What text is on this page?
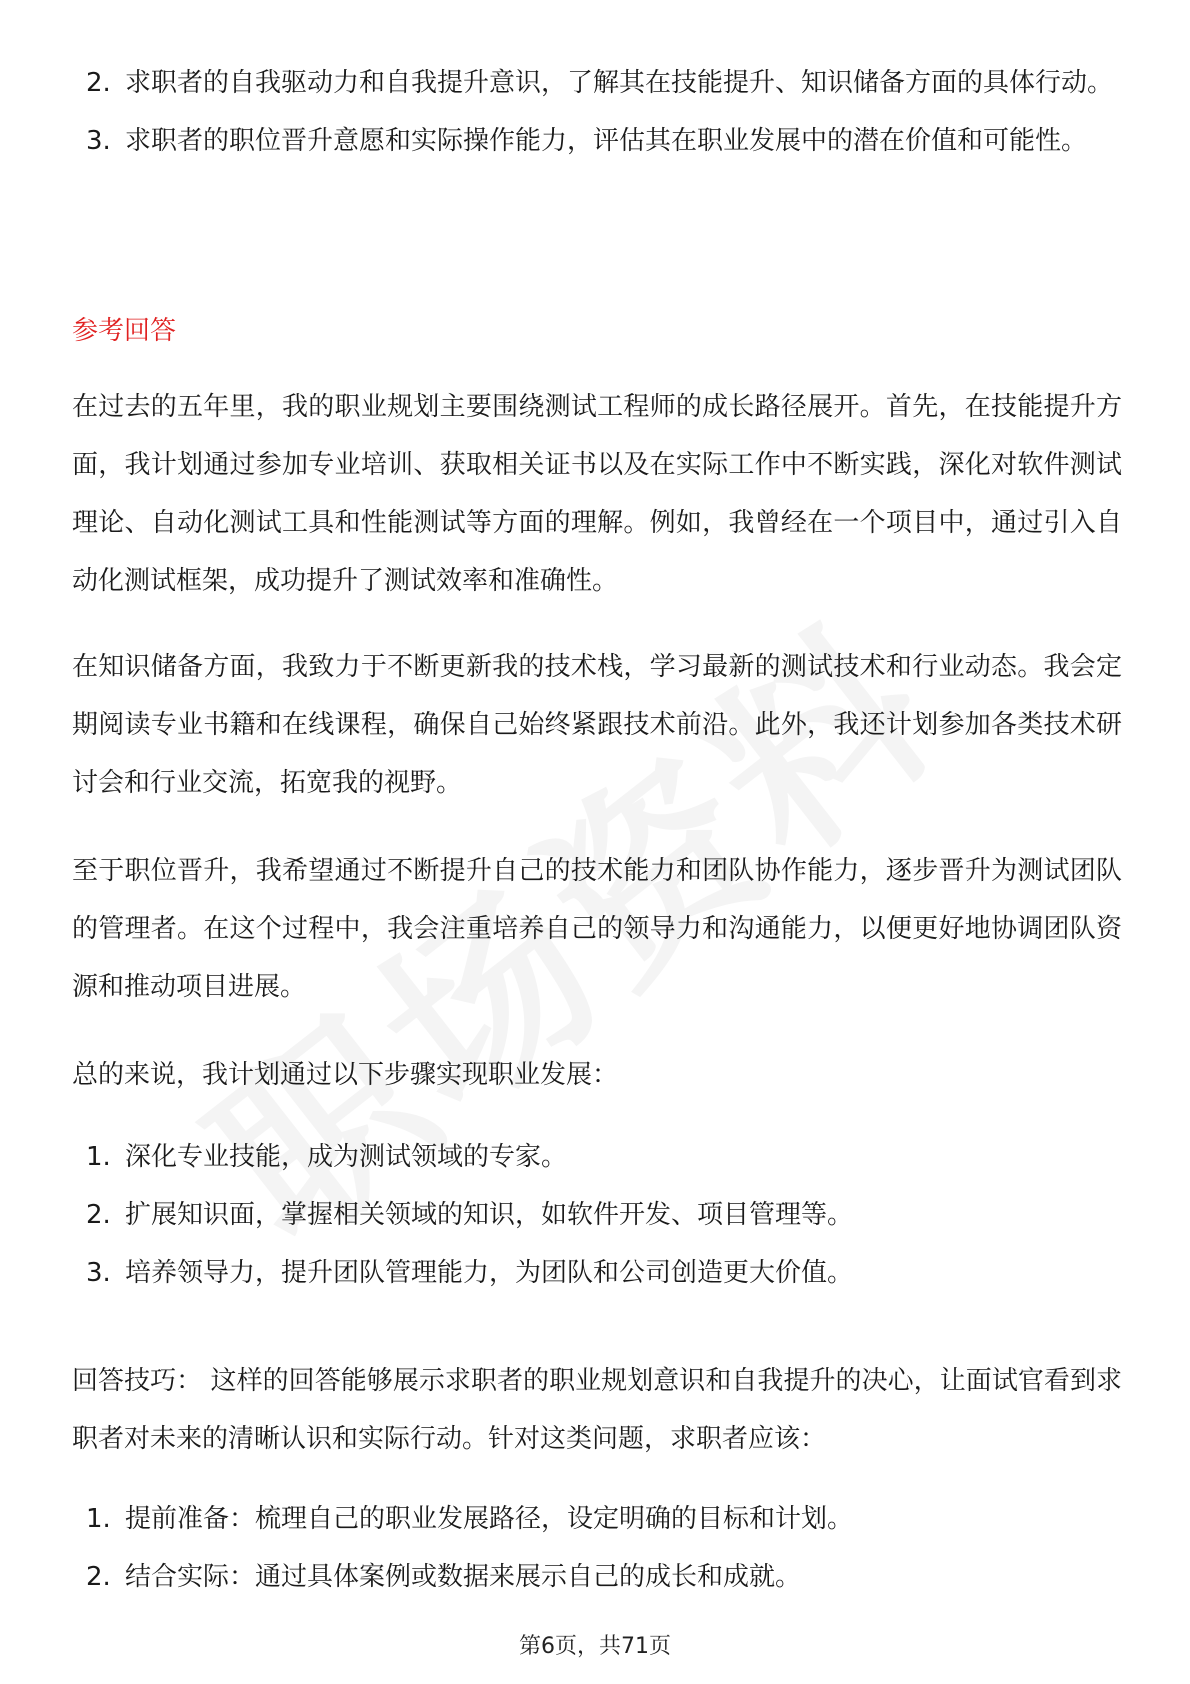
2. 求职者的自我驱动力和自我提升意识，了解其在技能提升、知识储备方面的具体行动。
3. 求职者的职位晋升意愿和实际操作能力，评估其在职业发展中的潜在价值和可能性。
参考回答

在过去的五年里，我的职业规划主要围绕测试工程师的成长路径展开。首先，在技能提升方面，我计划通过参加专业培训、获取相关证书以及在实际工作中不断实践，深化对软件测试理论、自动化测试工具和性能测试等方面的理解。例如，我曾经在一个项目中，通过引入自动化测试框架，成功提升了测试效率和准确性。

在知识储备方面，我致力于不断更新我的技术栈，学习最新的测试技术和行业动态。我会定期阅读专业书籍和在线课程，确保自己始终紧跟技术前沿。此外，我还计划参加各类技术研讨会和行业交流，拓宽我的视野。

至于职位晋升，我希望通过不断提升自己的技术能力和团队协作能力，逐步晋升为测试团队的管理者。在这个过程中，我会注重培养自己的领导力和沟通能力，以便更好地协调团队资源和推动项目进展。

总的来说，我计划通过以下步骤实现职业发展：

1. 深化专业技能，成为测试领域的专家。
2. 扩展知识面，掌握相关领域的知识，如软件开发、项目管理等。
3. 培养领导力，提升团队管理能力，为团队和公司创造更大价值。

回答技巧： 这样的回答能够展示求职者的职业规划意识和自我提升的决心，让面试官看到求职者对未来的清晰认识和实际行动。针对这类问题，求职者应该：

1. 提前准备：梳理自己的职业发展路径，设定明确的目标和计划。
2. 结合实际：通过具体案例或数据来展示自己的成长和成就。
第6页，共71页
